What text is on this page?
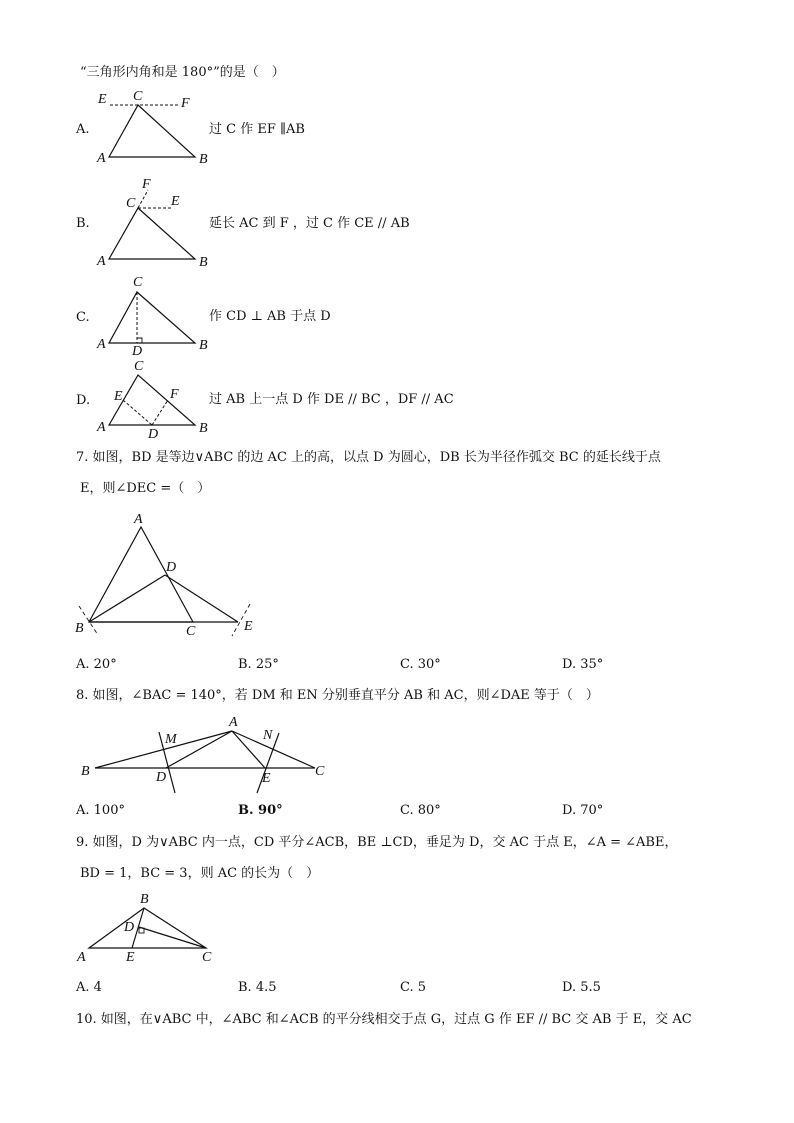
“三角形内角和是 180°”的是（　）
E C	F
A	B
A.	过 C 作 EF ∥AB
F
C	E
A	B
B.	延长 AC 到 F ，过 C 作 CE // AB
C
A D	B
C.	作 CD ⊥ AB 于点 D
C
E	F
A	D	B
D.	过 AB 上一点 D 作 DE // BC ，DF // AC
7. 如图，BD 是等边∨ABC 的边 AC 上的高，以点 D 为圆心，DB 长为半径作弧交 BC 的延长线于点
E，则∠DEC =（　）
A
D
B	C	E
A. 20°	B. 25°	C. 30°	D. 35°
8. 如图，∠BAC = 140°，若 DM 和 EN 分别垂直平分 AB 和 AC，则∠DAE 等于（　）
A
M	N
B	D	E	C
A. 100°	B. 90°	C. 80°	D. 70°
9. 如图，D 为∨ABC 内一点，CD 平分∠ACB，BE ⊥CD，垂足为 D，交 AC 于点 E，∠A = ∠ABE，
BD = 1，BC = 3，则 AC 的长为（　）
B
D
A	E	C
A. 4	B. 4.5	C. 5	D. 5.5
10. 如图，在∨ABC 中，∠ABC 和∠ACB 的平分线相交于点 G，过点 G 作 EF // BC 交 AB 于 E，交 AC
